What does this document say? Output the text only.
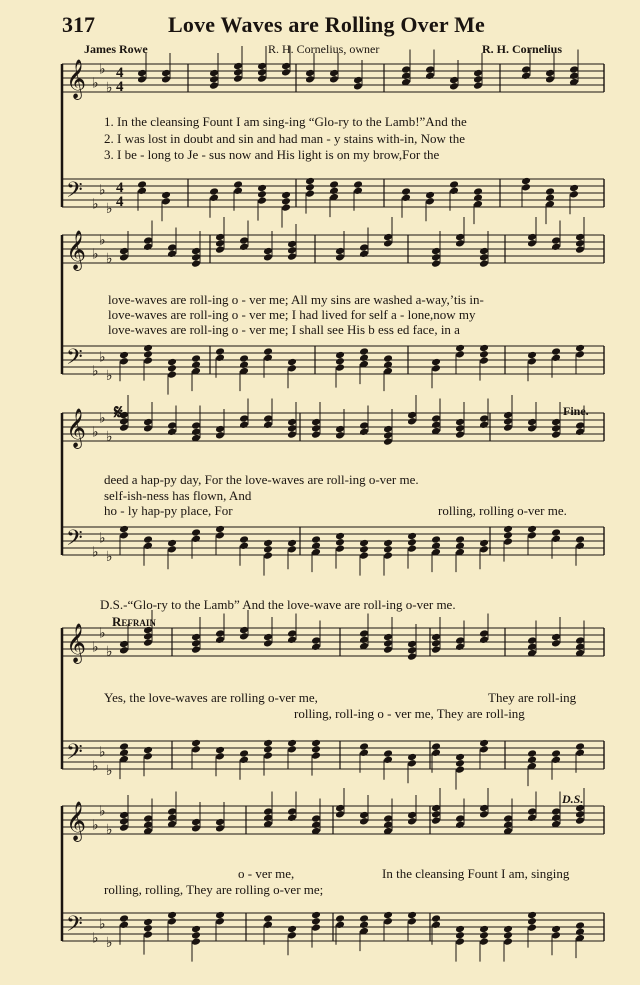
317	Love Waves are Rolling Over Me
James Rowe	R. H. Cornelius, owner	R. H. Cornelius
𝄞
𝄢
♭
♭
♭
♭
♭
♭
4
4
4
4
𝄞
𝄢
♭
♭
♭
♭
♭
♭
𝄞
𝄢
♭
♭
♭
♭
♭
♭
𝄞
𝄢
♭
♭
♭
♭
♭
♭
𝄞
𝄢
♭
♭
♭
♭
♭
♭
1. In the cleansing Fount I am sing-ing “Glo-ry to the Lamb!”And the
2. I was lost in doubt and sin and had man - y stains with-in, Now the
3. I be - long to Je - sus now and His light is on my brow,For the
love-waves are roll-ing o - ver me; All my sins are washed a-way,’tis in-
love-waves are roll-ing o - ver me; I had lived for self a - lone,now my
love-waves are roll-ing o - ver me; I shall see His b ess ed face, in a
𝄋	Fine.
deed a hap-py day, For the love-waves are roll-ing o-ver me.
self-ish-ness has flown, And
ho - ly hap-py place, For	rolling, rolling o-ver me.
D.S.-“Glo-ry to the Lamb” And the love-wave are roll-ing o-ver me.
Refrain
Yes, the love-waves are rolling o-ver me,	They are roll-ing
rolling, roll-ing o - ver me, They are roll-ing
D.S.
o - ver me,	In the cleansing Fount I am, singing
rolling, rolling, They are rolling o-ver me;
